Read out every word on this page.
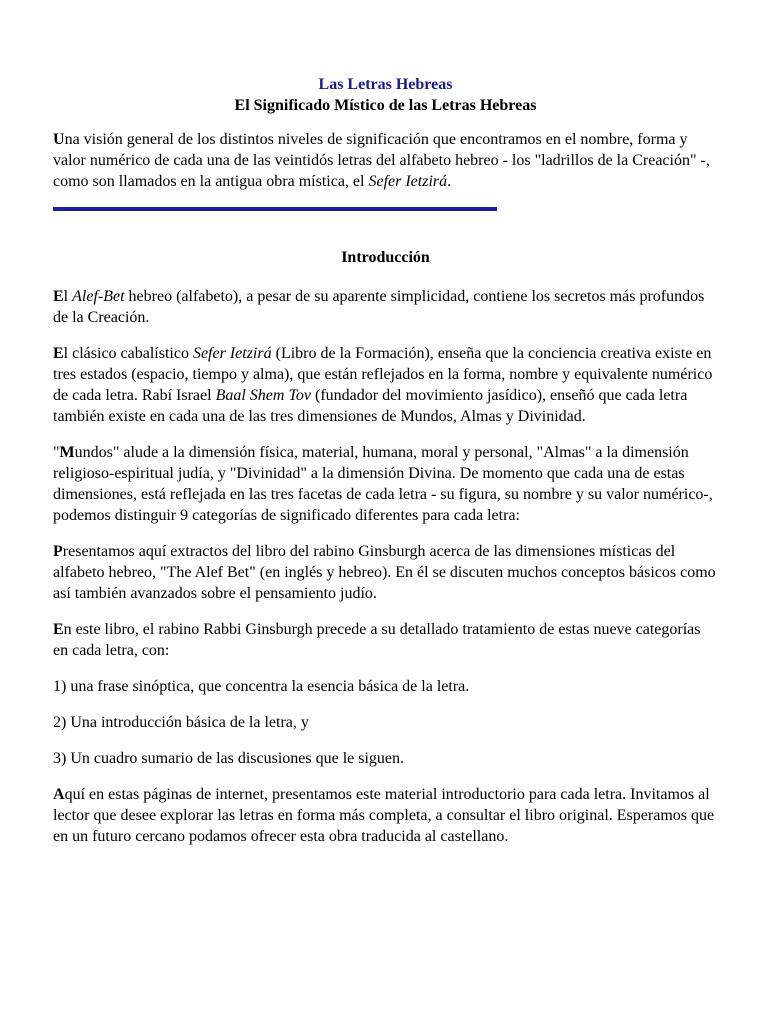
Las Letras Hebreas
El Significado Místico de las Letras Hebreas

Una visión general de los distintos niveles de significación que encontramos en el nombre, forma y valor numérico de cada una de las veintidós letras del alfabeto hebreo - los "ladrillos de la Creación" -, como son llamados en la antigua obra mística, el Sefer Ietzirá.

Introducción

El Alef-Bet hebreo (alfabeto), a pesar de su aparente simplicidad, contiene los secretos más profundos de la Creación.

El clásico cabalístico Sefer Ietzirá (Libro de la Formación), enseña que la conciencia creativa existe en tres estados (espacio, tiempo y alma), que están reflejados en la forma, nombre y equivalente numérico de cada letra. Rabí Israel Baal Shem Tov (fundador del movimiento jasídico), enseñó que cada letra también existe en cada una de las tres dimensiones de Mundos, Almas y Divinidad.

"Mundos" alude a la dimensión física, material, humana, moral y personal, "Almas" a la dimensión religioso-espiritual judía, y "Divinidad" a la dimensión Divina. De momento que cada una de estas dimensiones, está reflejada en las tres facetas de cada letra - su figura, su nombre y su valor numérico-, podemos distinguir 9 categorías de significado diferentes para cada letra:

Presentamos aquí extractos del libro del rabino Ginsburgh acerca de las dimensiones místicas del alfabeto hebreo, "The Alef Bet" (en inglés y hebreo). En él se discuten muchos conceptos básicos como así también avanzados sobre el pensamiento judío.

En este libro, el rabino Rabbi Ginsburgh precede a su detallado tratamiento de estas nueve categorías en cada letra, con:

1) una frase sinóptica, que concentra la esencia básica de la letra.

2) Una introducción básica de la letra, y

3) Un cuadro sumario de las discusiones que le siguen.

Aquí en estas páginas de internet, presentamos este material introductorio para cada letra. Invitamos al lector que desee explorar las letras en forma más completa, a consultar el libro original. Esperamos que en un futuro cercano podamos ofrecer esta obra traducida al castellano.
